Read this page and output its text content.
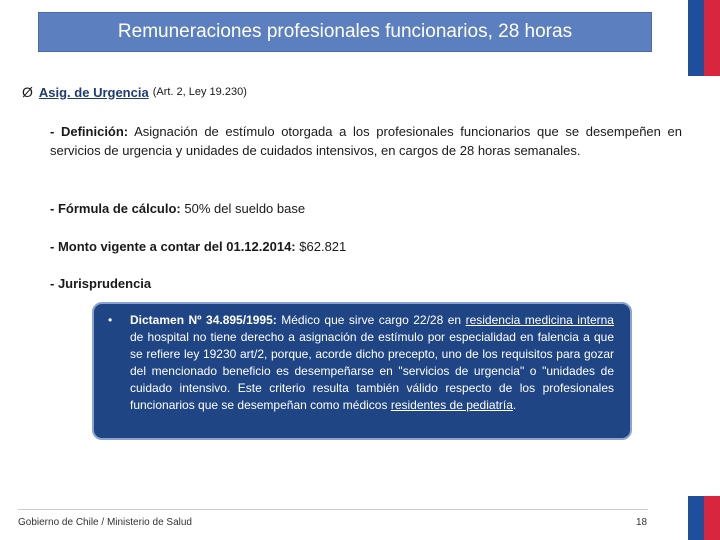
Remuneraciones profesionales funcionarios, 28 horas
Ø Asig. de Urgencia (Art. 2, Ley 19.230)
- Definición: Asignación de estímulo otorgada a los profesionales funcionarios que se desempeñen en servicios de urgencia y unidades de cuidados intensivos, en cargos de 28 horas semanales.
- Fórmula de cálculo: 50% del sueldo base
- Monto vigente a contar del 01.12.2014: $62.821
- Jurisprudencia
• Dictamen Nº 34.895/1995: Médico que sirve cargo 22/28 en residencia medicina interna de hospital no tiene derecho a asignación de estímulo por especialidad en falencia a que se refiere ley 19230 art/2, porque, acorde dicho precepto, uno de los requisitos para gozar del mencionado beneficio es desempeñarse en "servicios de urgencia" o "unidades de cuidado intensivo. Este criterio resulta también válido respecto de los profesionales funcionarios que se desempeñan como médicos residentes de pediatría.
Gobierno de Chile / Ministerio de Salud	18
